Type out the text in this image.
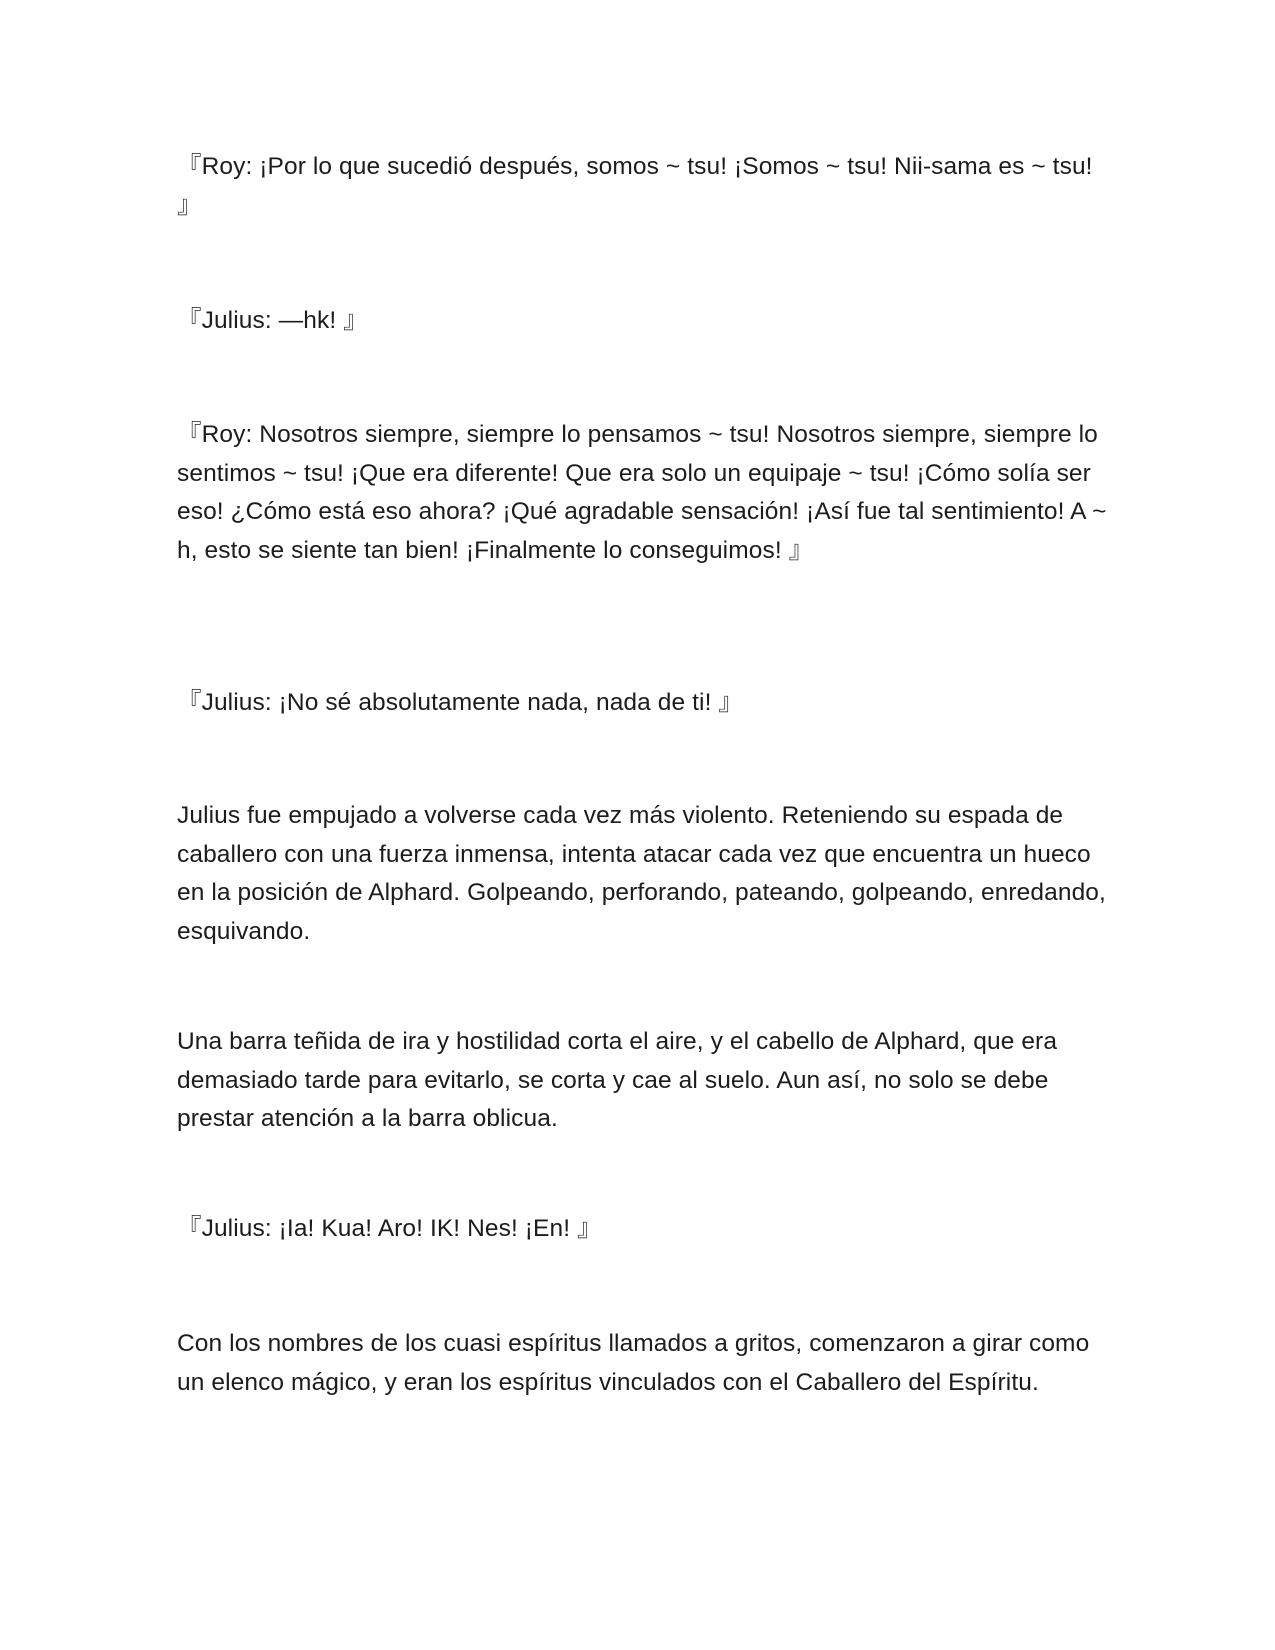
『Roy: ¡Por lo que sucedió después, somos ~ tsu! ¡Somos ~ tsu! Nii-sama es ~ tsu! 』

『Julius: —hk! 』

『Roy: Nosotros siempre, siempre lo pensamos ~ tsu! Nosotros siempre, siempre lo sentimos ~ tsu! ¡Que era diferente! Que era solo un equipaje ~ tsu! ¡Cómo solía ser eso! ¿Cómo está eso ahora? ¡Qué agradable sensación! ¡Así fue tal sentimiento! A ~ h, esto se siente tan bien! ¡Finalmente lo conseguimos! 』

『Julius: ¡No sé absolutamente nada, nada de ti! 』

Julius fue empujado a volverse cada vez más violento. Reteniendo su espada de caballero con una fuerza inmensa, intenta atacar cada vez que encuentra un hueco en la posición de Alphard. Golpeando, perforando, pateando, golpeando, enredando, esquivando.

Una barra teñida de ira y hostilidad corta el aire, y el cabello de Alphard, que era demasiado tarde para evitarlo, se corta y cae al suelo. Aun así, no solo se debe prestar atención a la barra oblicua.

『Julius: ¡Ia! Kua! Aro! IK! Nes! ¡En! 』

Con los nombres de los cuasi espíritus llamados a gritos, comenzaron a girar como un elenco mágico, y eran los espíritus vinculados con el Caballero del Espíritu.
